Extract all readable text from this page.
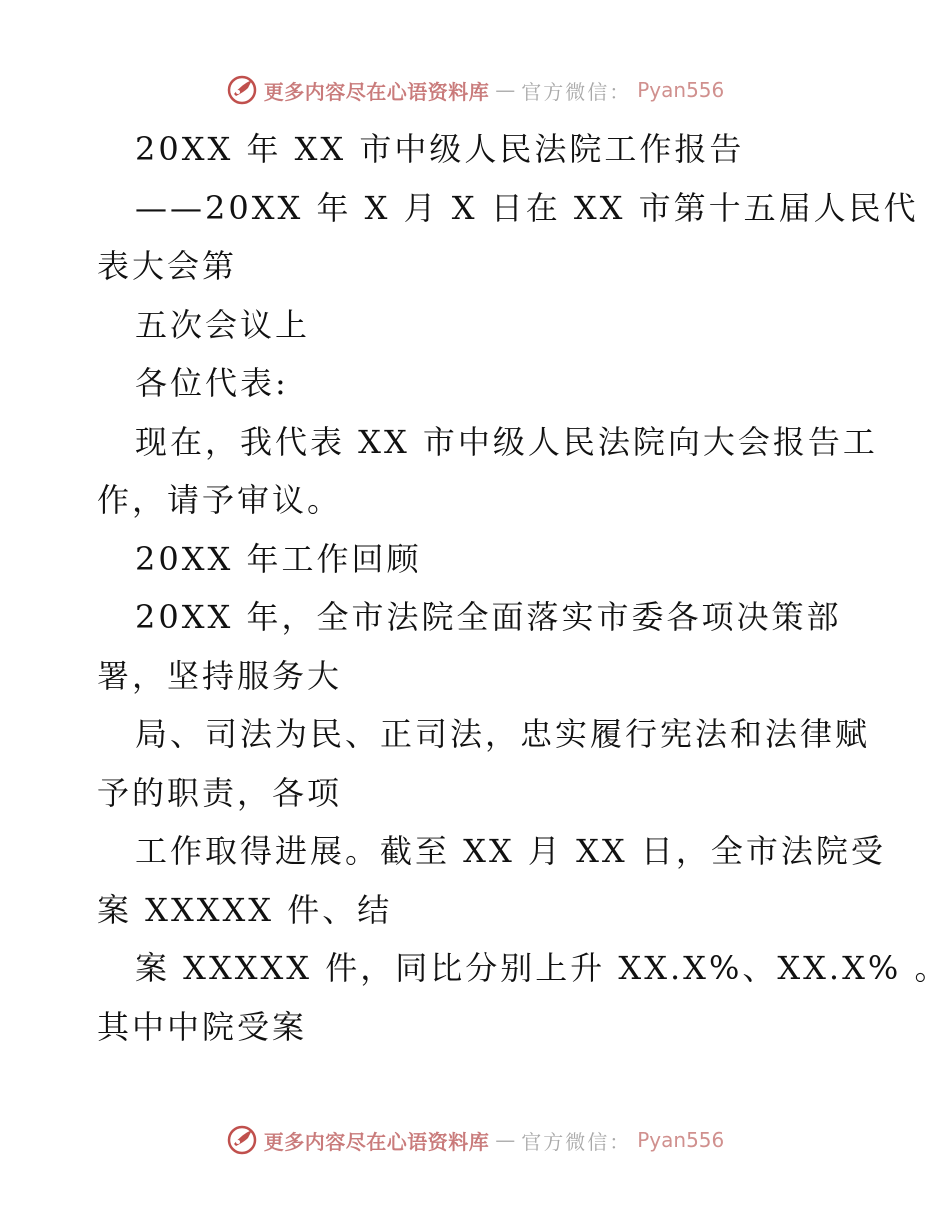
更多内容尽在心语资料库 — 官方微信： Pyan556
20XX 年 XX 市中级人民法院工作报告
——20XX 年 X 月 X 日在 XX 市第十五届人民代
表大会第
五次会议上
各位代表:
现在，我代表 XX 市中级人民法院向大会报告工
作，请予审议。
20XX 年工作回顾
20XX 年，全市法院全面落实市委各项决策部
署，坚持服务大
局、司法为民、正司法，忠实履行宪法和法律赋
予的职责，各项
工作取得进展。截至 XX 月 XX 日，全市法院受
案 XXXXX 件、结
案 XXXXX 件，同比分别上升 XX.X%、XX.X% 。
其中中院受案
更多内容尽在心语资料库 — 官方微信： Pyan556
